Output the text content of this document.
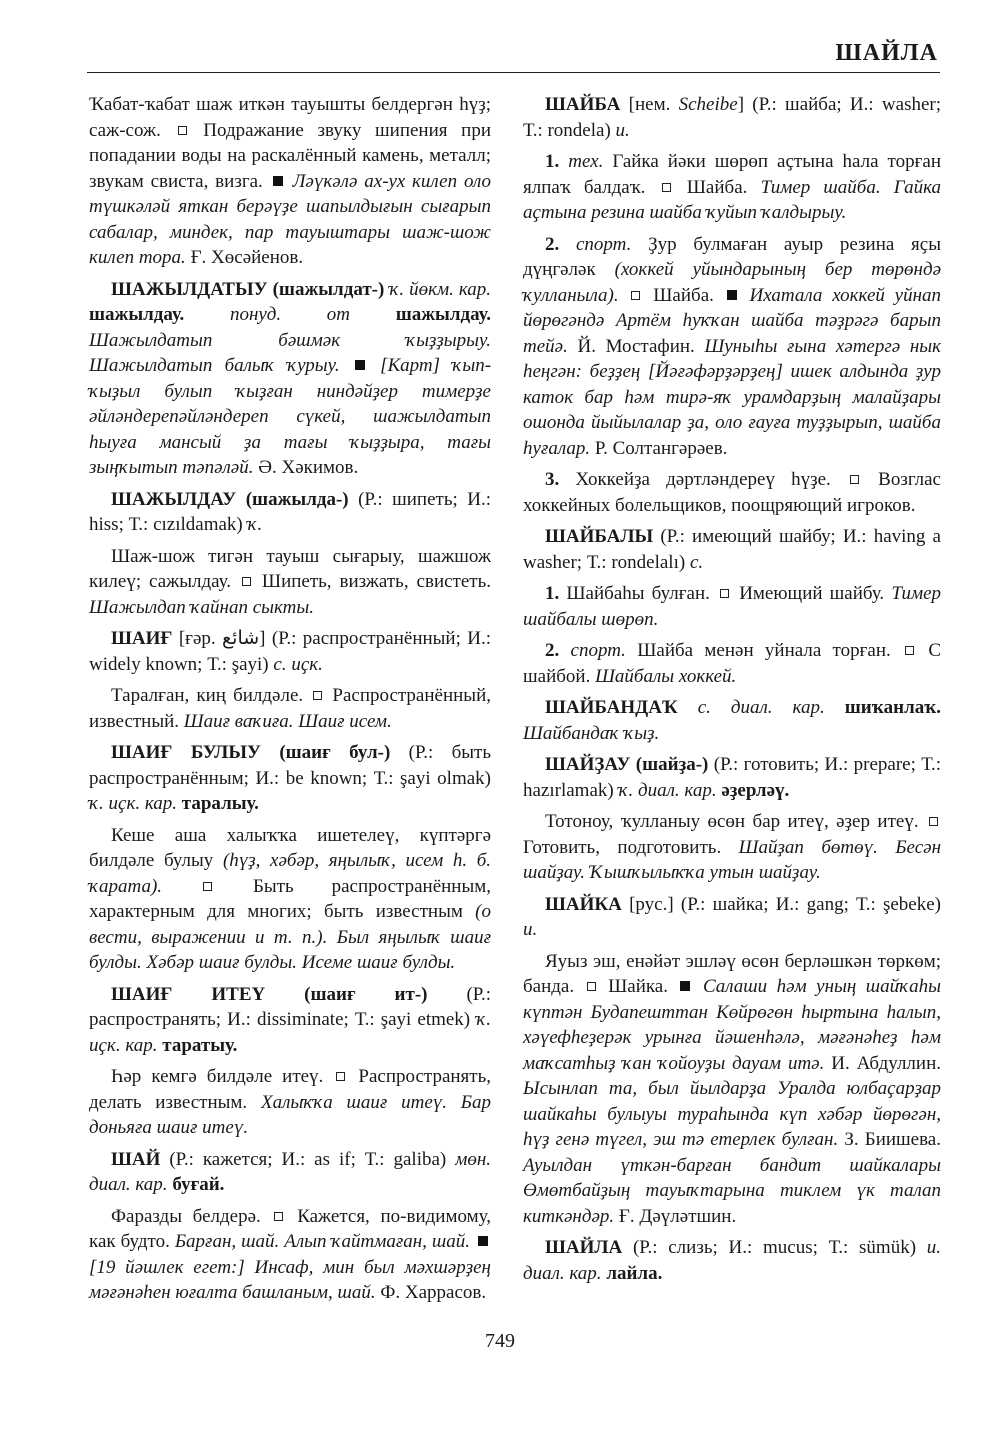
ШАЙЛА

Ҡабат-ҡабат шаж иткән тауышты белдергән һүҙ; саж-сож. Подражание звуку шипения при попадании воды на раскалённый камень, металл; звукам свиста, визга. Ләүкәлә ах-ух килеп оло түшкәләй яткан берәүҙе шапылдығын сығарып сабалар, миндек, пар тауыштары шаж-шож килеп тора. Ғ. Хөсәйенов.

ШАЖЫЛДАТЫУ (шажылдат-) ҡ. йөкм. кар. шажылдау. понуд. от шажылдау. Шажылдатып бәшмәк ҡыҙҙырыу. Шажылдатып балыҡ ҡурыу. [Карт] ҡып-ҡыҙыл булып ҡыҙған ниндәйҙер тимерҙе әйләндерепәйләндереп сүкей, шажылдатып һыуға мансый ҙа тағы ҡыҙҙыра, тағы зыңҡытып тәпәләй. Ә. Хәкимов.

ШАЖЫЛДАУ (шажылда-) (Р.: шипеть; И.: hiss; Т.: cızıldamak) ҡ.

Шаж-шож тигән тауыш сығарыу, шажшож килеү; сажылдау. Шипеть, визжать, свистеть. Шажылдап ҡайнап сыкты.

ШАИҒ [ғәр. شائع] (Р.: распространённый; И.: widely known; Т.: şayi) с. иҫк.

Таралған, киң билдәле. Распространённый, известный. Шаиғ ваҡиға. Шаиғ исем.

ШАИҒ БУЛЫУ (шаиғ бул-) (Р.: быть распространённым; И.: be known; Т.: şayi olmak) ҡ. иҫк. кар. таралыу.

Кеше аша халыҡҡа ишетелеү, күптәргә билдәле булыу (һүҙ, хәбәр, яңылыҡ, исем һ. б. ҡарата).	Быть распространённым, характерным для многих; быть известным (о вести, выражении и т. п.). Был яңылыҡ шаиғ булды. Хәбәр шаиғ булды. Исеме шаиғ булды.

ШАИҒ ИТЕҮ (шаиғ ит-) (Р.: распространять; И.: dissiminate; Т.: şayi etmek) ҡ. иҫк. кар. таратыу.

Һәр кемгә билдәле итеү. Распространять, делать известным. Халыҡҡа шаиғ итеү. Бар доньяға шаиғ итеү.

ШАЙ (Р.: кажется; И.: as if; Т.: galiba) мөн. диал. кар. буғай.

Фаразды белдерә. Кажется, по-видимому, как будто. Барған, шай. Алып ҡайтмаған, шай.  [19 йәшлек егет:] Инсаф, мин был мәхшәрҙең мәғәнәһен юғалта башланым, шай. Ф. Харрасов.

ШАЙБА [нем. Scheibe] (Р.: шайба; И.: washer; Т.: rondela) и.

1. тех. Гайка йәки шөрөп аҫтына һала торған ялпаҡ балдаҡ. Шайба. Тимер шайба. Гайка аҫтына резина шайба ҡуйып ҡалдырыу.

2. спорт. Ҙур булмаған ауыр резина яҫы дүңгәләк (хоккей уйындарының бер төрөндә ҡулланыла). Шайба. Ихатала хоккей уйнап йөрөгәндә Артём һуҡҡан шайба тәҙрәгә барып тейә. Й. Мостафин. Шуныһы ғына хәтергә нык һеңгән: беҙҙең [Йәғәфәрҙәрҙең] ишек алдында ҙур каток бар һәм тирә-яҡ урамдарҙың малайҙары ошонда йыйылалар ҙа, оло ғауға туҙҙырып, шайба һуғалар. Р. Солтангәрәев.

3. Хоккейҙа дәртләндереү һүҙе. Возглас хоккейных болельщиков, поощряющий игроков.

ШАЙБАЛЫ (Р.: имеющий шайбу; И.: having a washer; Т.: rondelalı) с.

1. Шайбаһы булған. Имеющий шайбу. Тимер шайбалы шөрөп.

2. спорт. Шайба менән уйнала торған. С шайбой. Шайбалы хоккей.

ШАЙБАНДАҠ с. диал. кар. шиҡанлаҡ. Шайбандаҡ ҡыҙ.

ШАЙҘАУ (шайҙа-) (Р.: готовить; И.: prepare; Т.: hazırlamak) ҡ. диал. кар. әҙерләү.

Тотоноу, ҡулланыу өсөн бар итеү, әҙер итеү.  Готовить, подготовить. Шайҙап бөтөү. Бесән шайҙау. Ҡышҡылыҡҡа утын шайҙау.

ШАЙКА [рус.] (Р.: шайка; И.: gang; Т.: şebeke) и.

Яуыз эш, енәйәт эшләү өсөн берләшкән төркөм; банда. Шайка. Салаши һәм уның шайҡаһы күптән Будапешттан Көйрөгөн һыртына һалып, хәүефһеҙерәк урынға йәшенһәлә, мәғәнәһеҙ һәм маҡсатһыҙ ҡан ҡойоуҙы дауам итә. И. Абдуллин. Ысынлап та, был йылдарҙа Уралда юлбаҫарҙар шайкаһы булыуы тураһында күп хәбәр йөрөгән, һүҙ генә түгел, эш тә етерлек булған. З. Биишева. Ауылдан үткән-барған бандит шайкалары Өмөтбайҙың тауыҡтарына тиклем үк талап киткәндәр. Ғ. Дәүләтшин.

ШАЙЛА (Р.: слизь; И.: mucus; Т.: sümük) и. диал. кар. лайла.

749
